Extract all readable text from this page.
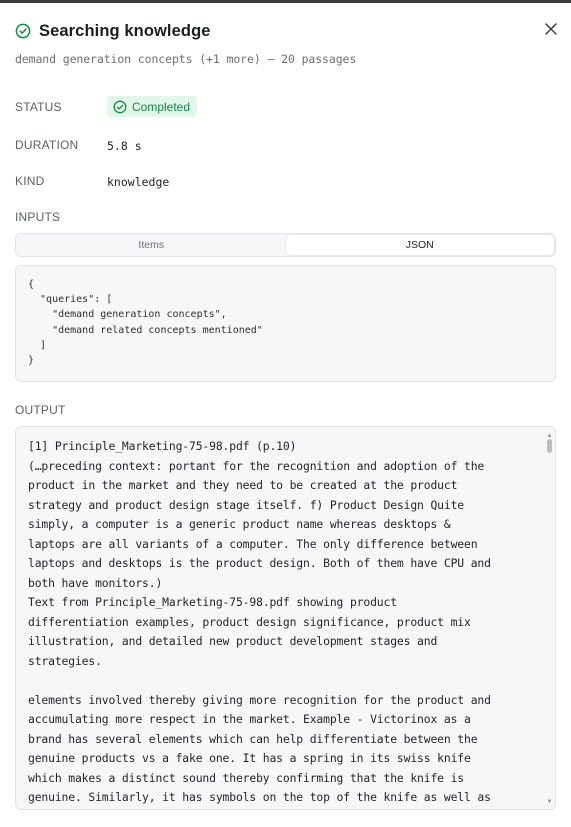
Searching knowledge
demand generation concepts (+1 more) — 20 passages
STATUS	Completed
DURATION 5.8 s
KIND	knowledge
INPUTS
Items	JSON
{
"queries": [
"demand generation concepts",
"demand related concepts mentioned"
]
}
OUTPUT
[1] Principle_Marketing-75-98.pdf (p.10)
(…preceding context: portant for the recognition and adoption of the
product in the market and they need to be created at the product
strategy and product design stage itself. f) Product Design Quite
simply, a computer is a generic product name whereas desktops &
laptops are all variants of a computer. The only difference between
laptops and desktops is the product design. Both of them have CPU and
both have monitors.)
Text from Principle_Marketing-75-98.pdf showing product
differentiation examples, product design significance, product mix
illustration, and detailed new product development stages and
strategies.

elements involved thereby giving more recognition for the product and
accumulating more respect in the market. Example - Victorinox as a
brand has several elements which can help differentiate between the
genuine products vs a fake one. It has a spring in its swiss knife
which makes a distinct sound thereby confirming that the knife is
genuine. Similarly, it has symbols on the top of the knife as well as
▲
▼
